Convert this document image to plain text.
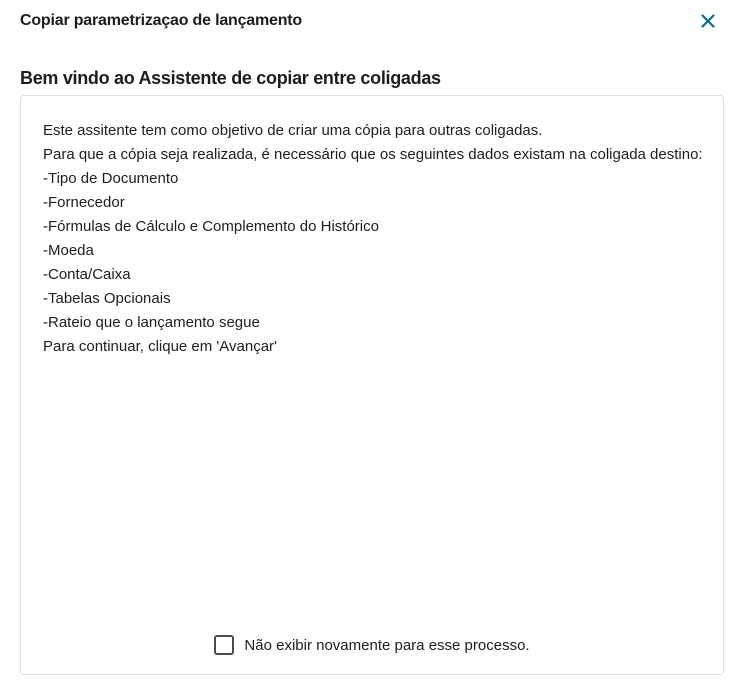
Copiar parametrizaçao de lançamento
Bem vindo ao Assistente de copiar entre coligadas
Este assitente tem como objetivo de criar uma cópia para outras coligadas.
Para que a cópia seja realizada, é necessário que os seguintes dados existam na coligada destino:
-Tipo de Documento
-Fornecedor
-Fórmulas de Cálculo e Complemento do Histórico
-Moeda
-Conta/Caixa
-Tabelas Opcionais
-Rateio que o lançamento segue
Para continuar, clique em 'Avançar'
Não exibir novamente para esse processo.
